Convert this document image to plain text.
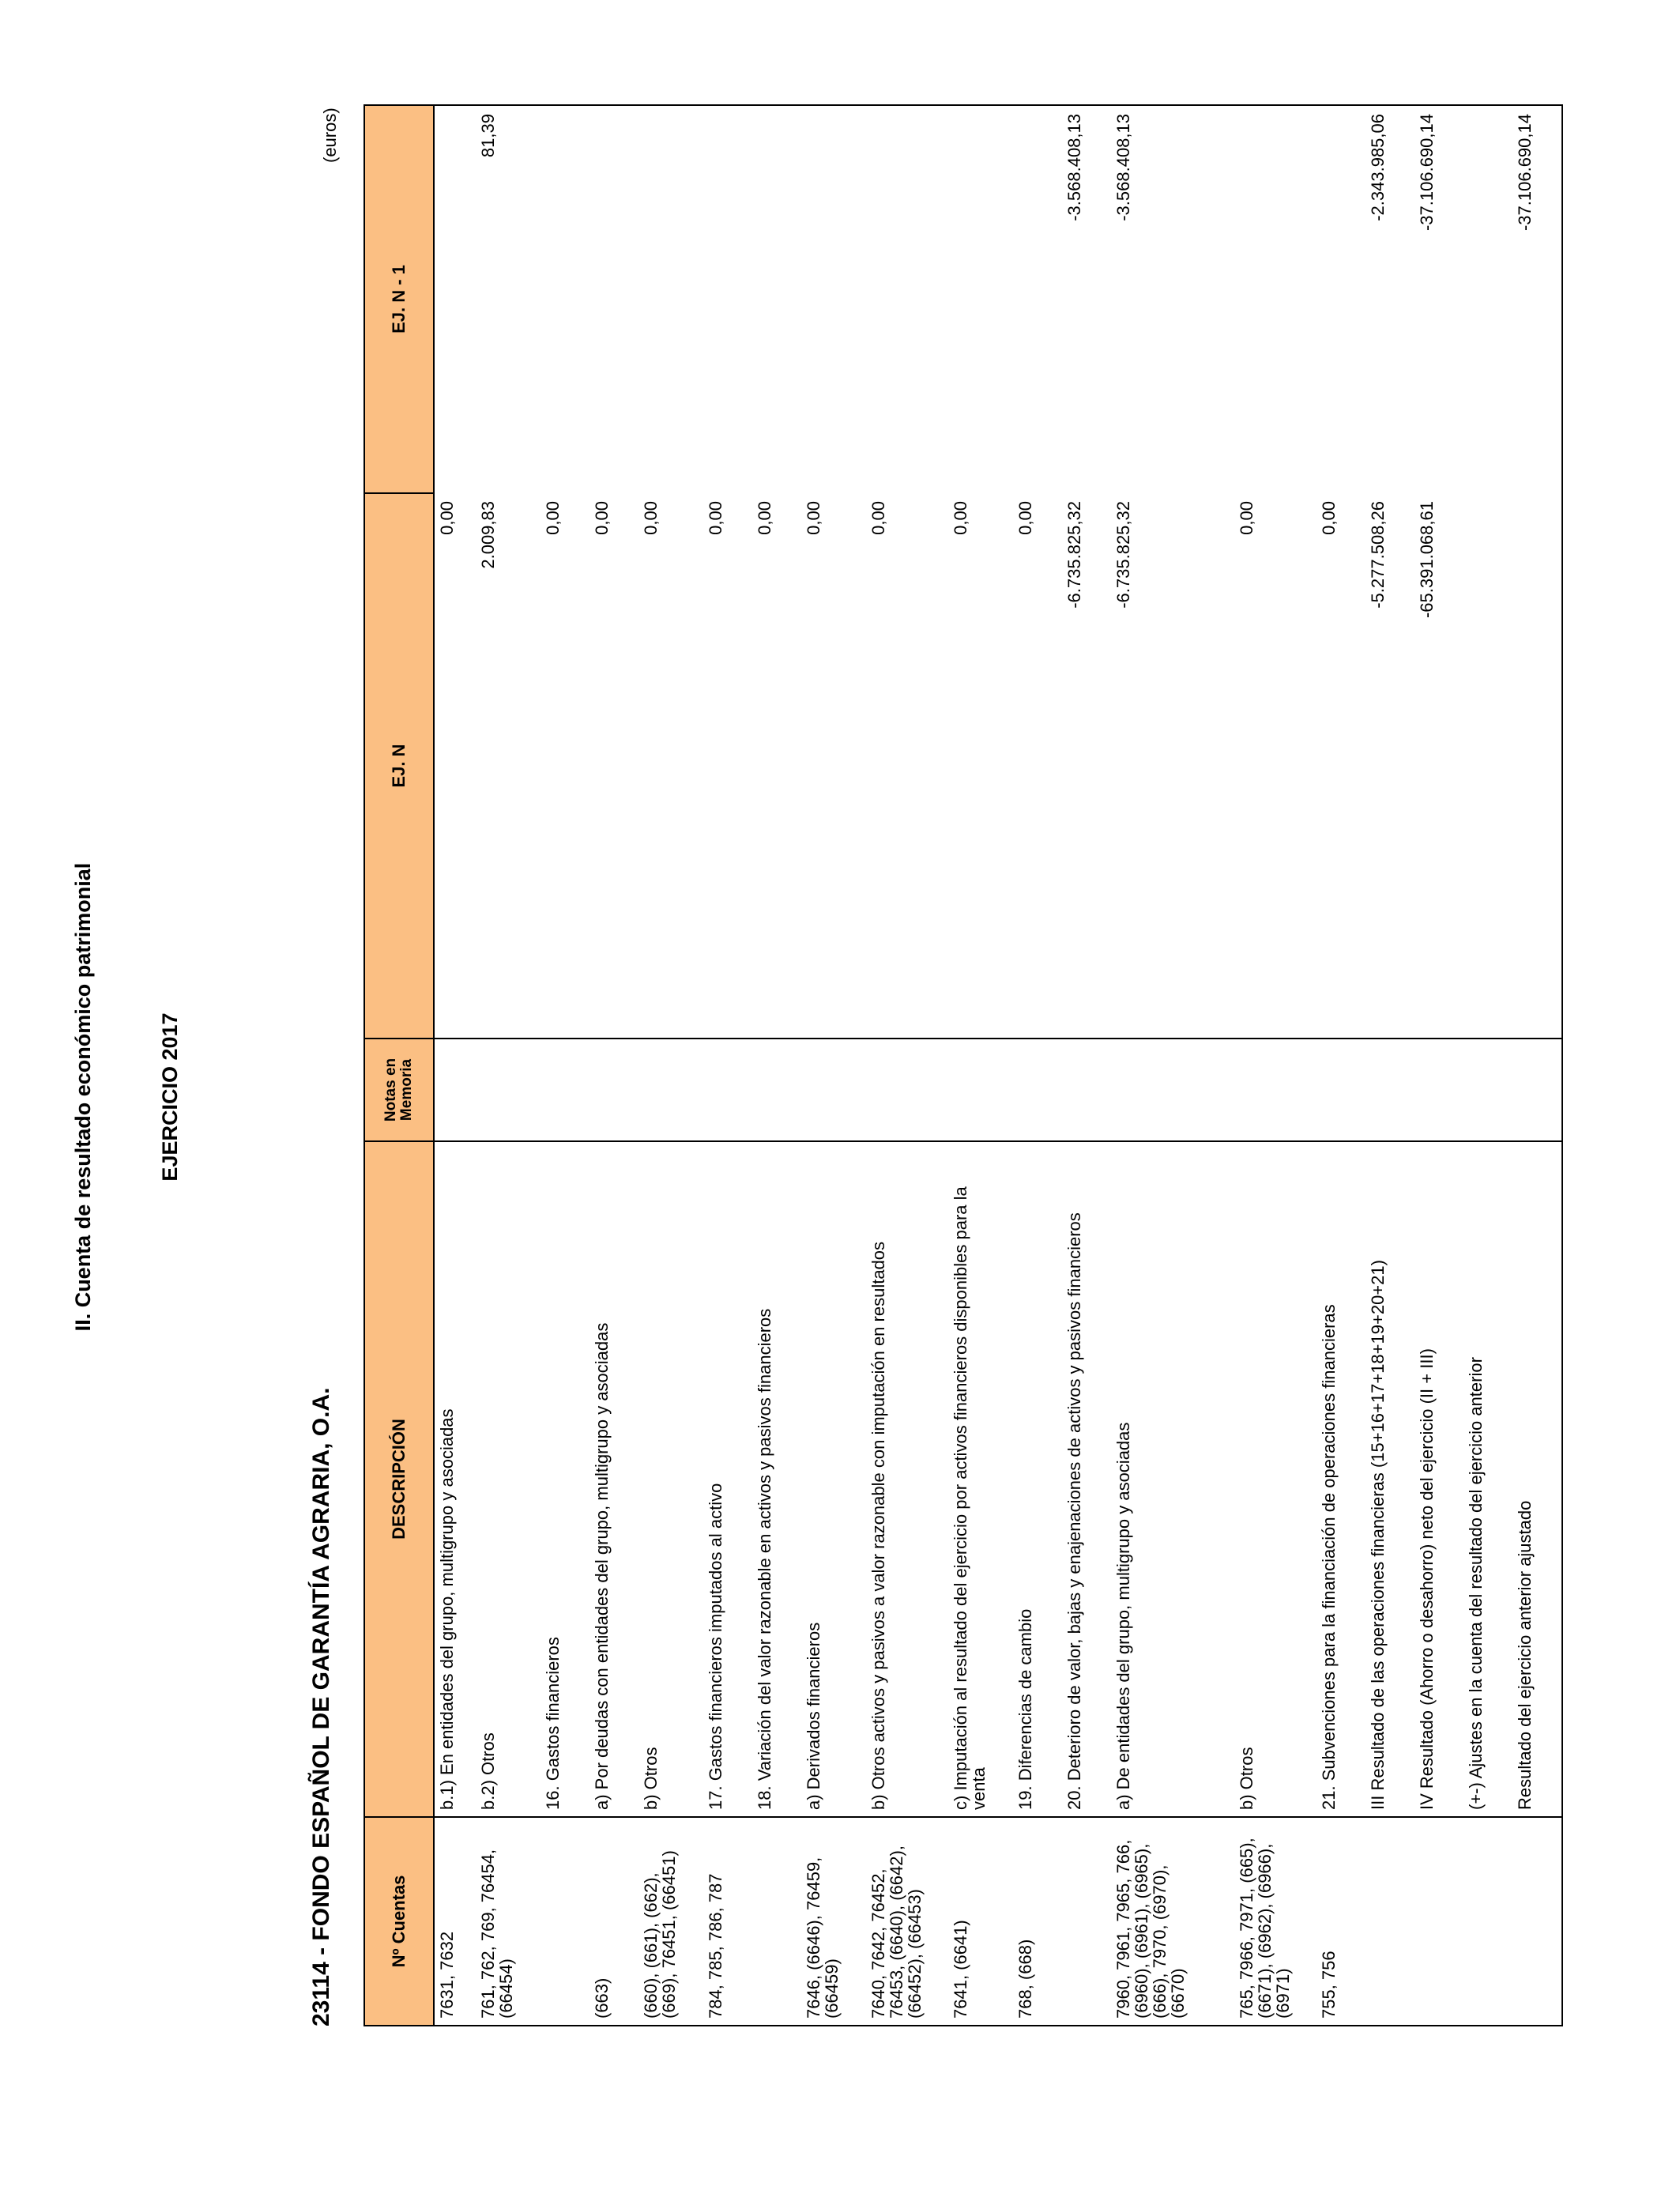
II. Cuenta de resultado económico patrimonial	EJERCICIO 2017
23114 - FONDO ESPAÑOL DE GARANTÍA AGRARIA, O.A.
(euros)
Nº Cuentas	DESCRIPCIÓN	Notas en Memoria	EJ. N	EJ. N - 1
7631, 7632	b.1) En entidades del grupo, multigrupo y asociadas		0,00	
761, 762, 769, 76454, (66454)	b.2) Otros		2.009,83	81,39
	16. Gastos financieros		0,00	
(663)	a) Por deudas con entidades del grupo, multigrupo y asociadas		0,00	
(660), (661), (662), (669), 76451, (66451)	b) Otros		0,00	
784, 785, 786, 787	17. Gastos financieros imputados al activo		0,00	
	18. Variación del valor razonable en activos y pasivos financieros		0,00	
7646, (6646), 76459, (66459)	a) Derivados financieros		0,00	
7640, 7642, 76452, 76453, (6640), (6642), (66452), (66453)	b) Otros activos y pasivos a valor razonable con imputación en resultados		0,00	
7641, (6641)	c) Imputación al resultado del ejercicio por activos financieros disponibles para la venta		0,00	
768, (668)	19. Diferencias de cambio		0,00	
	20. Deterioro de valor, bajas y enajenaciones de activos y pasivos financieros		-6.735.825,32	-3.568.408,13
7960, 7961, 7965, 766, (6960), (6961), (6965), (666), 7970, (6970), (6670)	a) De entidades del grupo, multigrupo y asociadas		-6.735.825,32	-3.568.408,13
765, 7966, 7971, (665), (6671), (6962), (6966), (6971)	b) Otros		0,00	
755, 756	21. Subvenciones para la financiación de operaciones financieras		0,00	
	III Resultado de las operaciones financieras (15+16+17+18+19+20+21)		-5.277.508,26	-2.343.985,06
	IV Resultado (Ahorro o desahorro) neto del ejercicio (II + III)		-65.391.068,61	-37.106.690,14
	(+-) Ajustes en la cuenta del resultado del ejercicio anterior			
	Resultado del ejercicio anterior ajustado			-37.106.690,14
